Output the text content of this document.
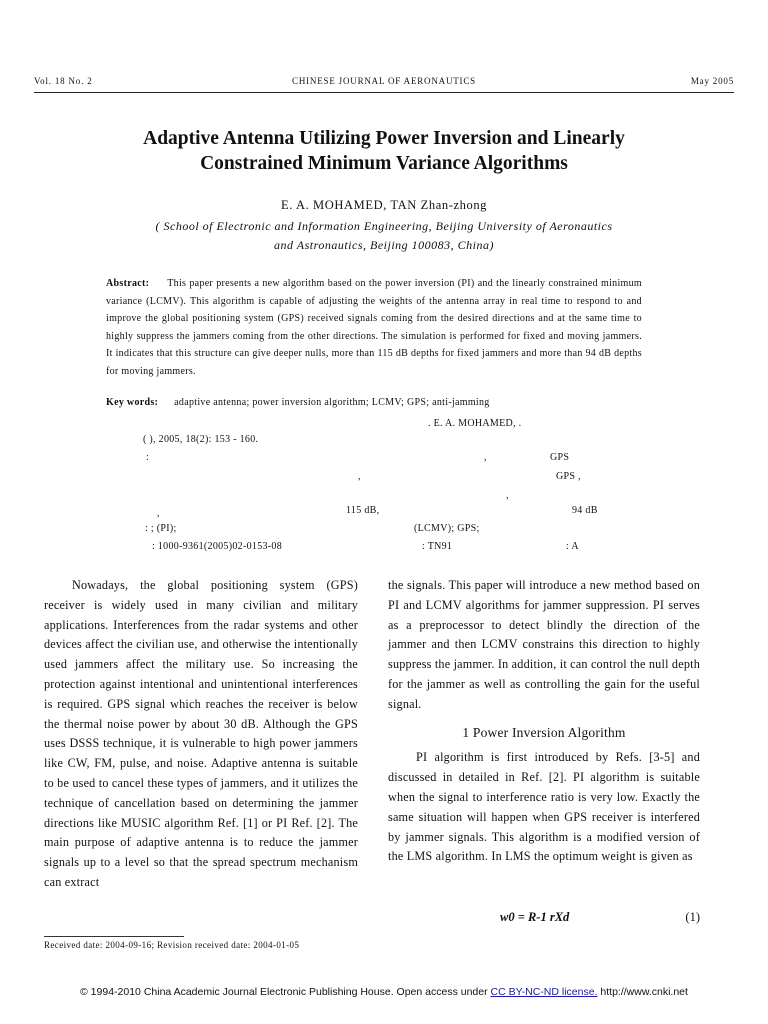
Vol. 18 No. 2	CHINESE JOURNAL OF AERONAUTICS	May 2005
Adaptive Antenna Utilizing Power Inversion and Linearly
Constrained Minimum Variance Algorithms
E. A. MOHAMED, TAN Zhan-zhong
( School of Electronic and Information Engineering, Beijing University of Aeronautics
and Astronautics, Beijing 100083, China)
Abstract: This paper presents a new algorithm based on the power inversion (PI) and the linearly constrained minimum variance (LCMV). This algorithm is capable of adjusting the weights of the antenna array in real time to respond to and improve the global positioning system (GPS) received signals coming from the desired directions and at the same time to highly suppress the jammers coming from the other directions. The simulation is performed for fixed and moving jammers. It indicates that this structure can give deeper nulls, more than 115 dB depths for fixed jammers and more than 94 dB depths for moving jammers.
Key words: adaptive antenna; power inversion algorithm; LCMV; GPS; anti-jamming
. E. A. MOHAMED, .
( ), 2005, 18(2): 153 - 160.
:	,	GPS
,	GPS ,
,
,	115 dB,	94 dB
: ; (PI);	(LCMV); GPS;
: 1000-9361(2005)02-0153-08	: TN91	: A

Nowadays, the global positioning system (GPS) receiver is widely used in many civilian and military applications. Interferences from the radar systems and other devices affect the civilian use, and otherwise the intentionally used jammers affect the military use. So increasing the protection against intentional and unintentional interferences is required. GPS signal which reaches the receiver is below the thermal noise power by about 30 dB. Although the GPS uses DSSS technique, it is vulnerable to high power jammers like CW, FM, pulse, and noise. Adaptive antenna is suitable to be used to cancel these types of jammers, and it utilizes the technique of cancellation based on determining the jammer directions like MUSIC algorithm Ref. [1] or PI Ref. [2]. The main purpose of adaptive antenna is to reduce the jammer signals up to a level so that the spread spectrum mechanism can extract

the signals. This paper will introduce a new method based on PI and LCMV algorithms for jammer suppression. PI serves as a preprocessor to detect blindly the direction of the jammer and then LCMV constrains this direction to highly suppress the jammer. In addition, it can control the null depth for the jammer as well as controlling the gain for the useful signal.

1 Power Inversion Algorithm

PI algorithm is first introduced by Refs. [3-5] and discussed in detailed in Ref. [2]. PI algorithm is suitable when the signal to interference ratio is very low. Exactly the same situation will happen when GPS receiver is interfered by jammer signals. This algorithm is a modified version of the LMS algorithm. In LMS the optimum weight is given as

w0 = R-1 rXd	(1)
Received date: 2004-09-16; Revision received date: 2004-01-05
© 1994-2010 China Academic Journal Electronic Publishing House. Open access under CC BY-NC-ND license. http://www.cnki.net
